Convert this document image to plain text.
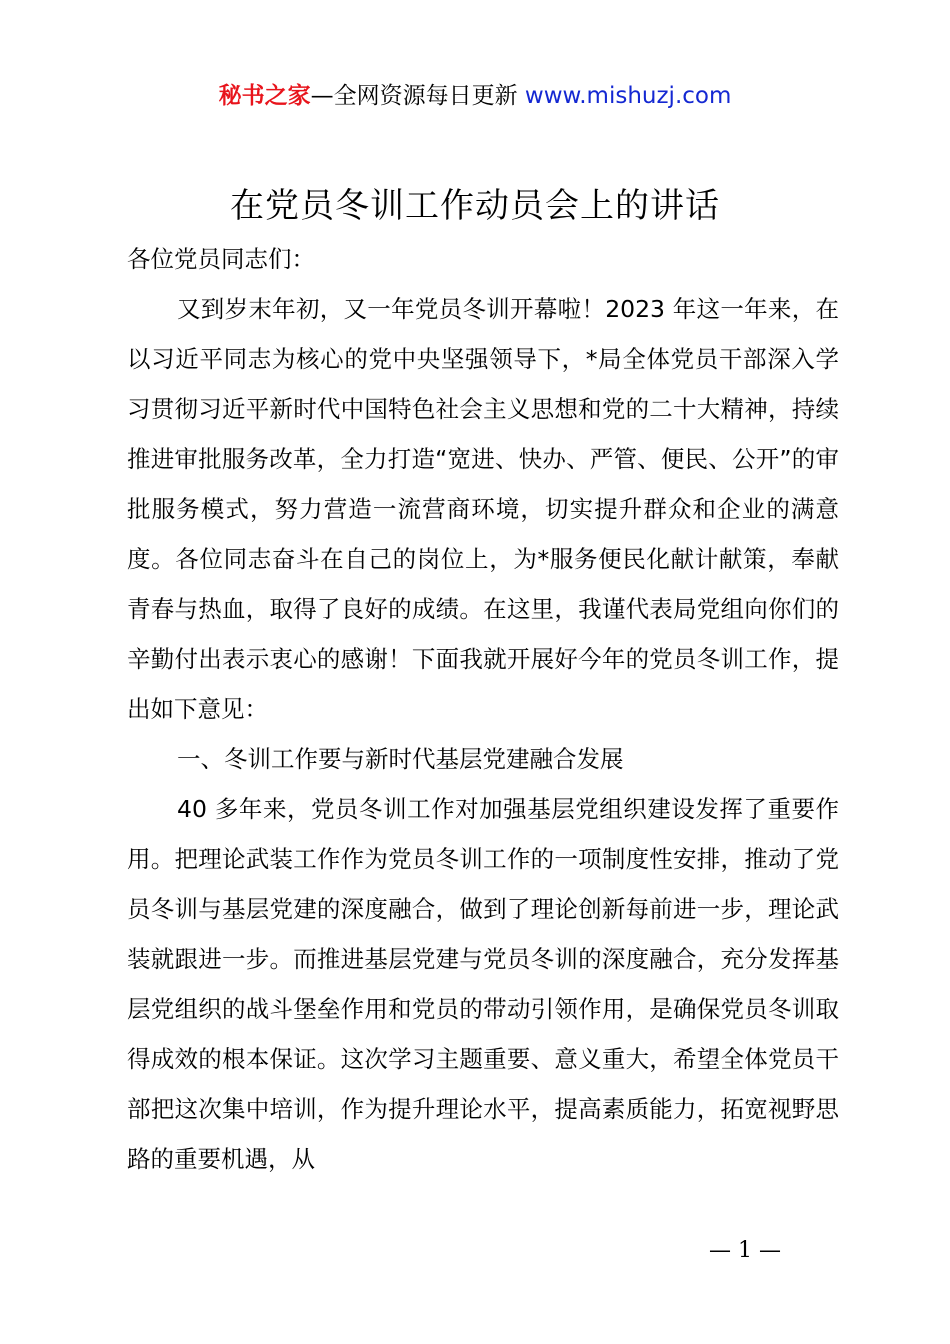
秘书之家—全网资源每日更新 www.mishuzj.com
在党员冬训工作动员会上的讲话

各位党员同志们：

又到岁末年初，又一年党员冬训开幕啦！2023 年这一年来，在以习近平同志为核心的党中央坚强领导下，*局全体党员干部深入学习贯彻习近平新时代中国特色社会主义思想和党的二十大精神，持续推进审批服务改革，全力打造“宽进、快办、严管、便民、公开”的审批服务模式，努力营造一流营商环境，切实提升群众和企业的满意度。各位同志奋斗在自己的岗位上，为*服务便民化献计献策，奉献青春与热血，取得了良好的成绩。在这里，我谨代表局党组向你们的辛勤付出表示衷心的感谢！下面我就开展好今年的党员冬训工作，提出如下意见：

一、冬训工作要与新时代基层党建融合发展

40 多年来，党员冬训工作对加强基层党组织建设发挥了重要作用。把理论武装工作作为党员冬训工作的一项制度性安排，推动了党员冬训与基层党建的深度融合，做到了理论创新每前进一步，理论武装就跟进一步。而推进基层党建与党员冬训的深度融合，充分发挥基层党组织的战斗堡垒作用和党员的带动引领作用，是确保党员冬训取得成效的根本保证。这次学习主题重要、意义重大，希望全体党员干部把这次集中培训，作为提升理论水平，提高素质能力，拓宽视野思路的重要机遇，从

— 1 —
